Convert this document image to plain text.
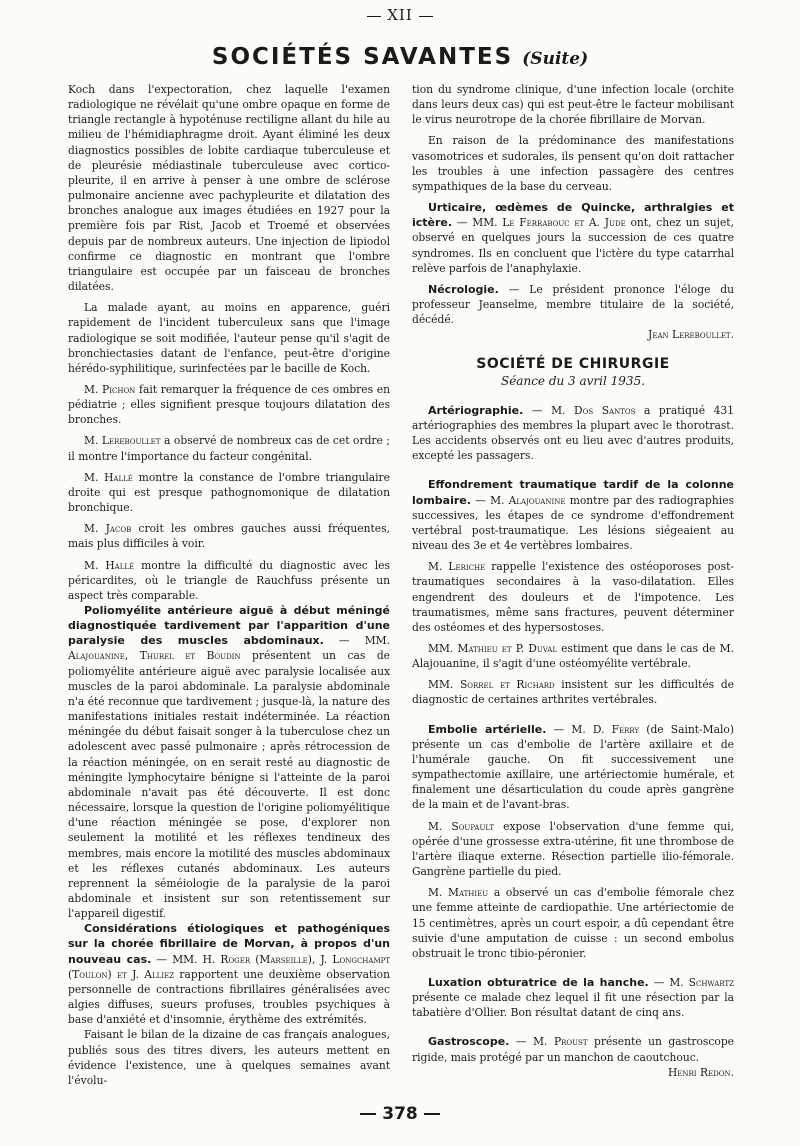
XII
SOCIÉTÉS SAVANTES (Suite)

Koch dans l'expectoration, chez laquelle l'examen radiologique ne révélait qu'une ombre opaque en forme de triangle rectangle à hypoténuse rectiligne allant du hile au milieu de l'hémidiaphragme droit. Ayant éliminé les deux diagnostics possibles de lobite cardiaque tuberculeuse et de pleurésie médiastinale tuberculeuse avec cortico-pleurite, il en arrive à penser à une ombre de sclérose pulmonaire ancienne avec pachypleurite et dilatation des bronches analogue aux images étudiées en 1927 pour la première fois par Rist, Jacob et Troemé et observées depuis par de nombreux auteurs. Une injection de lipiodol confirme ce diagnostic en montrant que l'ombre triangulaire est occupée par un faisceau de bronches dilatées.

La malade ayant, au moins en apparence, guéri rapidement de l'incident tuberculeux sans que l'image radiologique se soit modifiée, l'auteur pense qu'il s'agit de bronchiectasies datant de l'enfance, peut-être d'origine hérédo-syphilitique, surinfectées par le bacille de Koch.

M. Pichon fait remarquer la fréquence de ces ombres en pédiatrie ; elles signifient presque toujours dilatation des bronches.

M. Lereboullet a observé de nombreux cas de cet ordre ; il montre l'importance du facteur congénital.

M. Hallé montre la constance de l'ombre triangulaire droite qui est presque pathognomonique de dilatation bronchique.

M. Jacob croit les ombres gauches aussi fréquentes, mais plus difficiles à voir.

M. Hallé montre la difficulté du diagnostic avec les péricardites, où le triangle de Rauchfuss présente un aspect très comparable.

Poliomyélite antérieure aiguë à début méningé diagnostiquée tardivement par l'apparition d'une paralysie des muscles abdominaux. — MM. Alajouanine, Thurel et Boudin présentent un cas de poliomyélite antérieure aiguë avec paralysie localisée aux muscles de la paroi abdominale. La paralysie abdominale n'a été reconnue que tardivement ; jusque-là, la nature des manifestations initiales restait indéterminée. La réaction méningée du début faisait songer à la tuberculose chez un adolescent avec passé pulmonaire ; après rétrocession de la réaction méningée, on en serait resté au diagnostic de méningite lymphocytaire bénigne si l'atteinte de la paroi abdominale n'avait pas été découverte. Il est donc nécessaire, lorsque la question de l'origine poliomyélitique d'une réaction méningée se pose, d'explorer non seulement la motilité et les réflexes tendineux des membres, mais encore la motilité des muscles abdominaux et les réflexes cutanés abdominaux. Les auteurs reprennent la séméiologie de la paralysie de la paroi abdominale et insistent sur son retentissement sur l'appareil digestif.

Considérations étiologiques et pathogéniques sur la chorée fibrillaire de Morvan, à propos d'un nouveau cas. — MM. H. Roger (Marseille), J. Longchampt (Toulon) et J. Alliez rapportent une deuxième observation personnelle de contractions fibrillaires généralisées avec algies diffuses, sueurs profuses, troubles psychiques à base d'anxiété et d'insomnie, érythème des extrémités.

Faisant le bilan de la dizaine de cas français analogues, publiés sous des titres divers, les auteurs mettent en évidence l'existence, une à quelques semaines avant l'évolu-

tion du syndrome clinique, d'une infection locale (orchite dans leurs deux cas) qui est peut-être le facteur mobilisant le virus neurotrope de la chorée fibrillaire de Morvan.

En raison de la prédominance des manifestations vasomotrices et sudorales, ils pensent qu'on doit rattacher les troubles à une infection passagère des centres sympathiques de la base du cerveau.

Urticaire, œdèmes de Quincke, arthralgies et ictère. — MM. Le Ferrabouc et A. Jude ont, chez un sujet, observé en quelques jours la succession de ces quatre syndromes. Ils en concluent que l'ictère du type catarrhal relève parfois de l'anaphylaxie.

Nécrologie. — Le président prononce l'éloge du professeur Jeanselme, membre titulaire de la société, décédé.

Jean Lereboullet.

SOCIÉTÉ DE CHIRURGIE
Séance du 3 avril 1935.

Artériographie. — M. Dos Santos a pratiqué 431 artériographies des membres la plupart avec le thorotrast. Les accidents observés ont eu lieu avec d'autres produits, excepté les passagers.

Effondrement traumatique tardif de la colonne lombaire. — M. Alajouanine montre par des radiographies successives, les étapes de ce syndrome d'effondrement vertébral post-traumatique. Les lésions siégeaient au niveau des 3e et 4e vertèbres lombaires.

M. Leriche rappelle l'existence des ostéoporoses post-traumatiques secondaires à la vaso-dilatation. Elles engendrent des douleurs et de l'impotence. Les traumatismes, même sans fractures, peuvent déterminer des ostéomes et des hypersostoses.

MM. Mathieu et P. Duval estiment que dans le cas de M. Alajouanine, il s'agit d'une ostéomyélite vertébrale.

MM. Sorrel et Richard insistent sur les difficultés de diagnostic de certaines arthrites vertébrales.

Embolie artérielle. — M. D. Ferry (de Saint-Malo) présente un cas d'embolie de l'artère axillaire et de l'humérale gauche. On fit successivement une sympathectomie axillaire, une artériectomie humérale, et finalement une désarticulation du coude après gangrène de la main et de l'avant-bras.

M. Soupault expose l'observation d'une femme qui, opérée d'une grossesse extra-utérine, fit une thrombose de l'artère iliaque externe. Résection partielle ilio-fémorale. Gangrène partielle du pied.

M. Mathieu a observé un cas d'embolie fémorale chez une femme atteinte de cardiopathie. Une artériectomie de 15 centimètres, après un court espoir, a dû cependant être suivie d'une amputation de cuisse : un second embolus obstruait le tronc tibio-péronier.

Luxation obturatrice de la hanche. — M. Schwartz présente ce malade chez lequel il fit une résection par la tabatière d'Ollier. Bon résultat datant de cinq ans.

Gastroscope. — M. Proust présente un gastroscope rigide, mais protégé par un manchon de caoutchouc.

Henri Redon.

378
